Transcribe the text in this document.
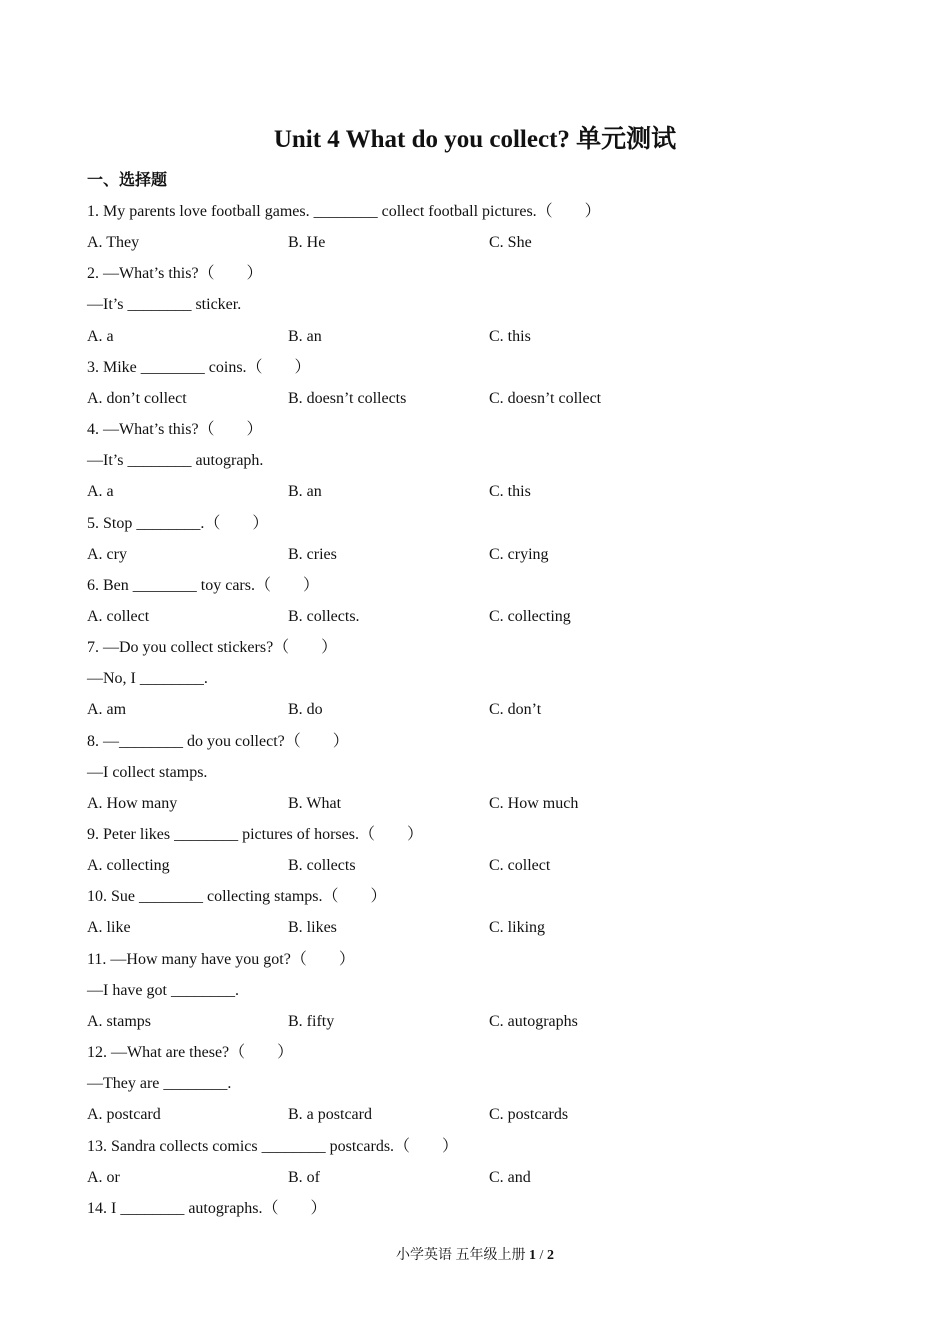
Unit 4 What do you collect? 单元测试
一、选择题
1. My parents love football games. ________ collect football pictures.（　　）
A. They	B. He	C. She
2. —What’s this?（　　）
—It’s ________ sticker.
A. a	B. an	C. this
3. Mike ________ coins.（　　）
A. don’t collect	B. doesn’t collects	C. doesn’t collect
4. —What’s this?（　　）
—It’s ________ autograph.
A. a	B. an	C. this
5. Stop ________.（　　）
A. cry	B. cries	C. crying
6. Ben ________ toy cars.（　　）
A. collect	B. collects.	C. collecting
7. —Do you collect stickers?（　　）
—No, I ________.
A. am	B. do	C. don’t
8. —________ do you collect?（　　）
—I collect stamps.
A. How many	B. What	C. How much
9. Peter likes ________ pictures of horses.（　　）
A. collecting	B. collects	C. collect
10. Sue ________ collecting stamps.（　　）
A. like	B. likes	C. liking
11. —How many have you got?（　　）
—I have got ________.
A. stamps	B. fifty	C. autographs
12. —What are these?（　　）
—They are ________.
A. postcard	B. a postcard	C. postcards
13. Sandra collects comics ________ postcards.（　　）
A. or	B. of	C. and
14. I ________ autographs.（　　）
小学英语 五年级上册 1 / 2
